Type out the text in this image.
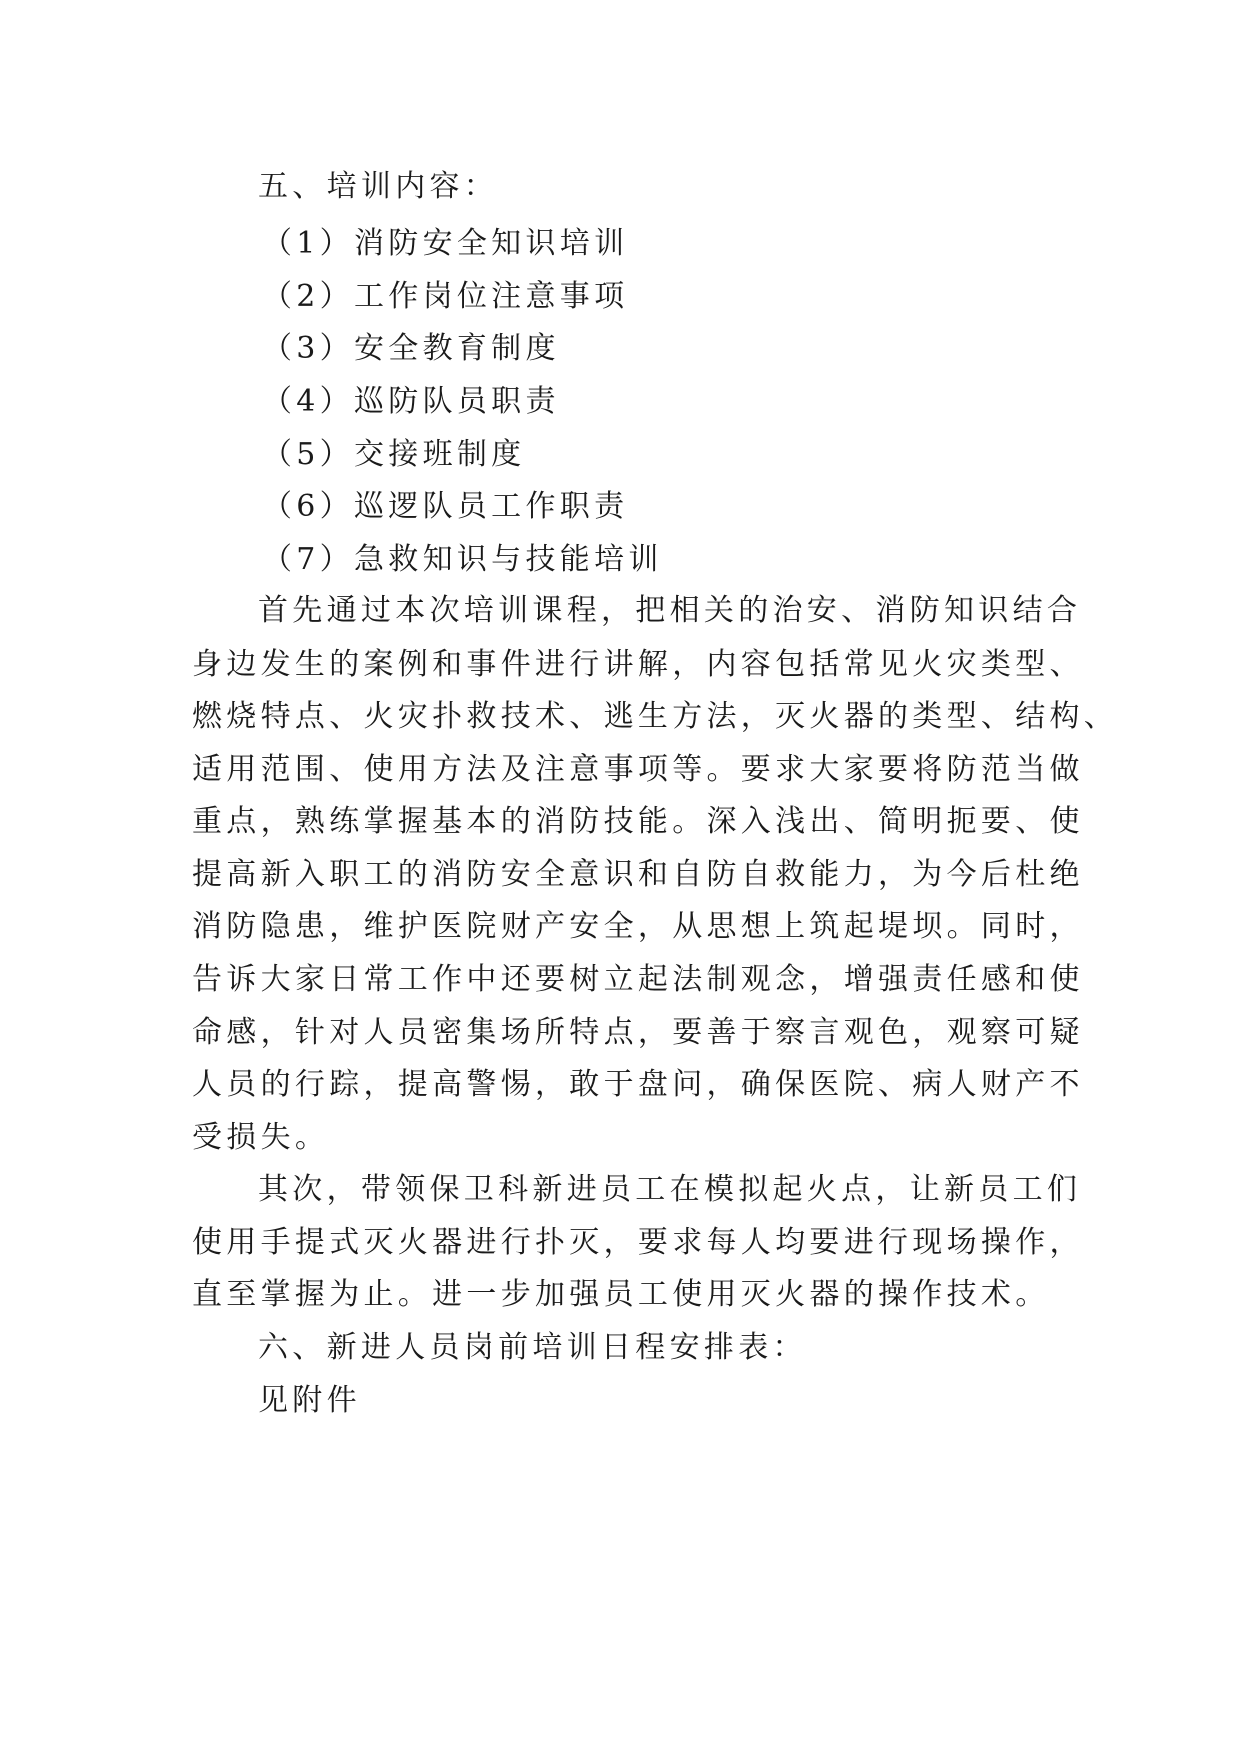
五、培训内容：
（1）消防安全知识培训
（2）工作岗位注意事项
（3）安全教育制度
（4）巡防队员职责
（5）交接班制度
（6）巡逻队员工作职责
（7）急救知识与技能培训
首先通过本次培训课程，把相关的治安、消防知识结合
身边发生的案例和事件进行讲解，内容包括常见火灾类型、
燃烧特点、火灾扑救技术、逃生方法，灭火器的类型、结构、
适用范围、使用方法及注意事项等。要求大家要将防范当做
重点，熟练掌握基本的消防技能。深入浅出、简明扼要、使
提高新入职工的消防安全意识和自防自救能力，为今后杜绝
消防隐患，维护医院财产安全，从思想上筑起堤坝。同时，
告诉大家日常工作中还要树立起法制观念，增强责任感和使
命感，针对人员密集场所特点，要善于察言观色，观察可疑
人员的行踪，提高警惕，敢于盘问，确保医院、病人财产不
受损失。
其次，带领保卫科新进员工在模拟起火点，让新员工们
使用手提式灭火器进行扑灭，要求每人均要进行现场操作，
直至掌握为止。进一步加强员工使用灭火器的操作技术。
六、新进人员岗前培训日程安排表：
见附件
